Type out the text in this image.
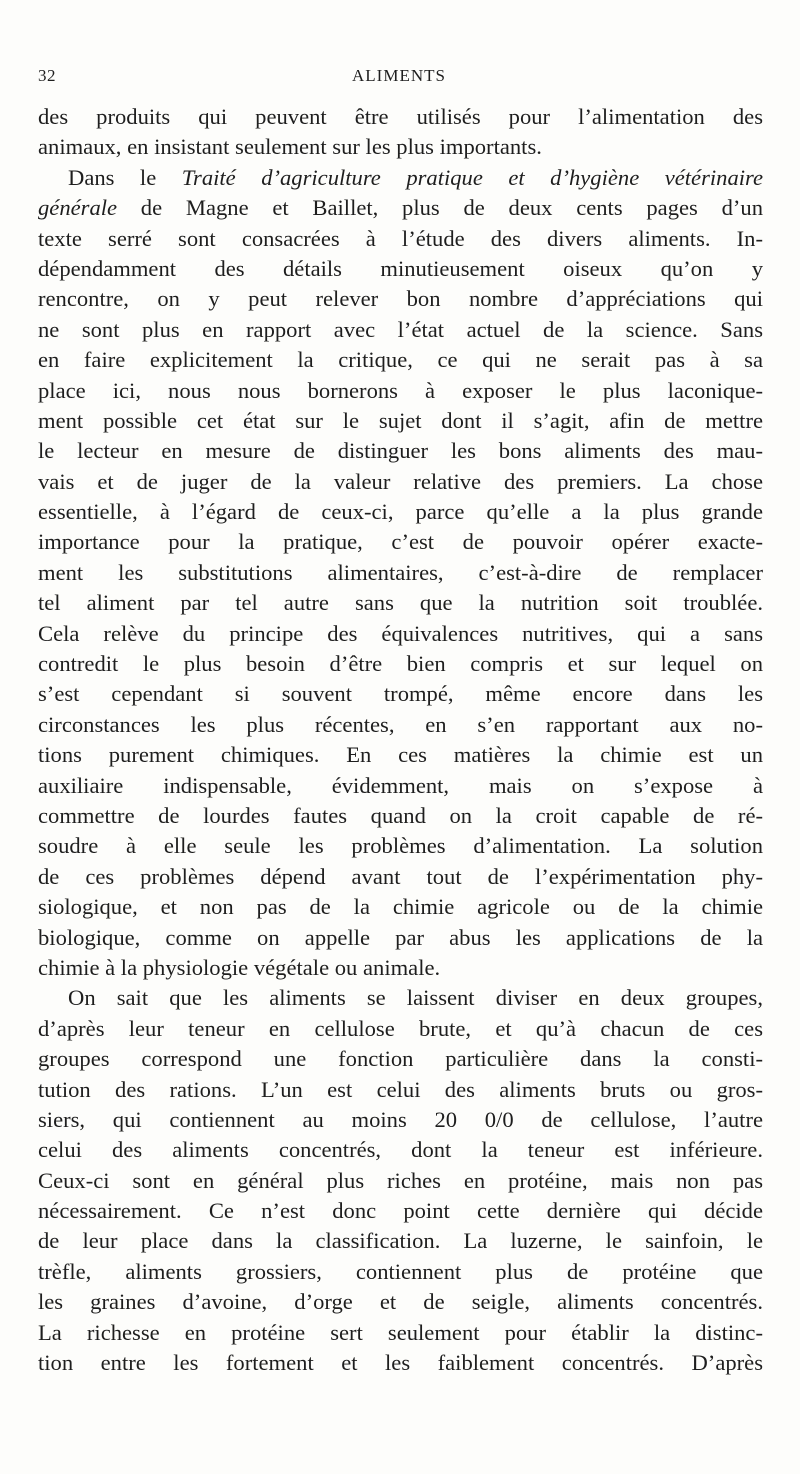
32	ALIMENTS
des produits qui peuvent être utilisés pour l’alimentation des
animaux, en insistant seulement sur les plus importants.
Dans le Traité d’agriculture pratique et d’hygiène vétérinaire
générale de Magne et Baillet, plus de deux cents pages d’un
texte serré sont consacrées à l’étude des divers aliments. In-
dépendamment des détails minutieusement oiseux qu’on y
rencontre, on y peut relever bon nombre d’appréciations qui
ne sont plus en rapport avec l’état actuel de la science. Sans
en faire explicitement la critique, ce qui ne serait pas à sa
place ici, nous nous bornerons à exposer le plus laconique-
ment possible cet état sur le sujet dont il s’agit, afin de mettre
le lecteur en mesure de distinguer les bons aliments des mau-
vais et de juger de la valeur relative des premiers. La chose
essentielle, à l’égard de ceux-ci, parce qu’elle a la plus grande
importance pour la pratique, c’est de pouvoir opérer exacte-
ment les substitutions alimentaires, c’est-à-dire de remplacer
tel aliment par tel autre sans que la nutrition soit troublée.
Cela relève du principe des équivalences nutritives, qui a sans
contredit le plus besoin d’être bien compris et sur lequel on
s’est cependant si souvent trompé, même encore dans les
circonstances les plus récentes, en s’en rapportant aux no-
tions purement chimiques. En ces matières la chimie est un
auxiliaire indispensable, évidemment, mais on s’expose à
commettre de lourdes fautes quand on la croit capable de ré-
soudre à elle seule les problèmes d’alimentation. La solution
de ces problèmes dépend avant tout de l’expérimentation phy-
siologique, et non pas de la chimie agricole ou de la chimie
biologique, comme on appelle par abus les applications de la
chimie à la physiologie végétale ou animale.
On sait que les aliments se laissent diviser en deux groupes,
d’après leur teneur en cellulose brute, et qu’à chacun de ces
groupes correspond une fonction particulière dans la consti-
tution des rations. L’un est celui des aliments bruts ou gros-
siers, qui contiennent au moins 20 0/0 de cellulose, l’autre
celui des aliments concentrés, dont la teneur est inférieure.
Ceux-ci sont en général plus riches en protéine, mais non pas
nécessairement. Ce n’est donc point cette dernière qui décide
de leur place dans la classification. La luzerne, le sainfoin, le
trèfle, aliments grossiers, contiennent plus de protéine que
les graines d’avoine, d’orge et de seigle, aliments concentrés.
La richesse en protéine sert seulement pour établir la distinc-
tion entre les fortement et les faiblement concentrés. D’après
